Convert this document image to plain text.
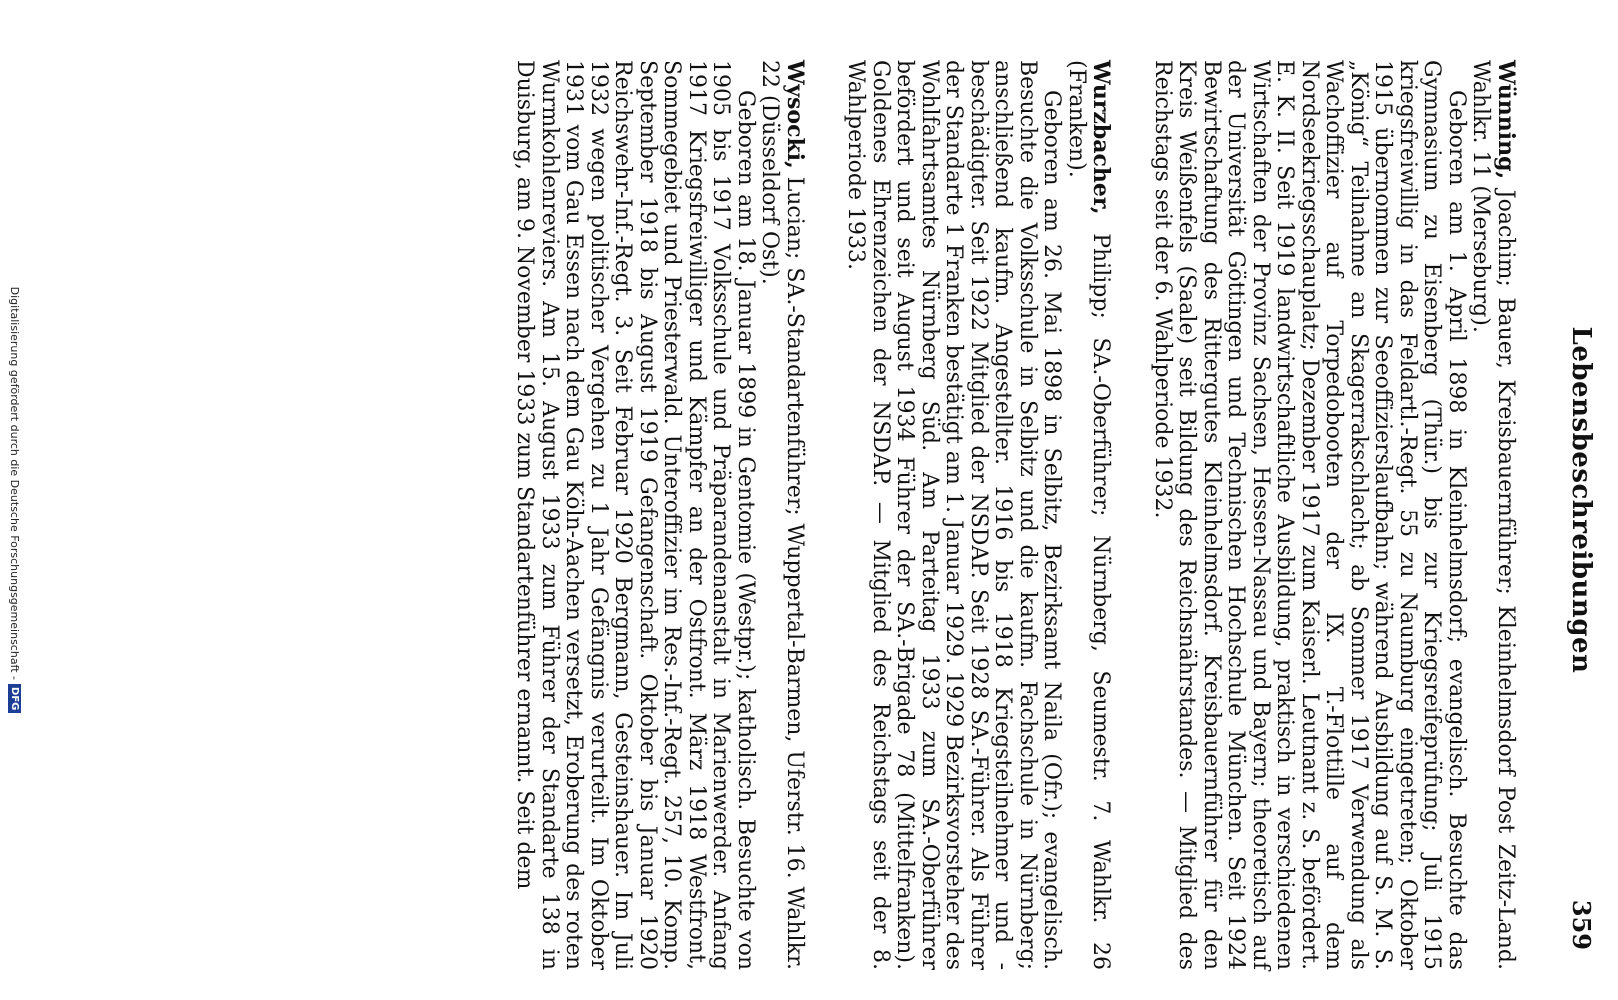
Lebensbeschreibungen
359

Wünning, Joachim; Bauer, Kreisbauernführer; Kleinhelmsdorf Post Zeitz-Land. Wahlkr. 11 (Merseburg).

Geboren am 1. April 1898 in Kleinhelmsdorf; evangelisch. Besuchte das Gymnasium zu Eisenberg (Thür.) bis zur Kriegsreifeprüfung; Juli 1915 kriegsfreiwillig in das Feldartl.-Regt. 55 zu Naumburg eingetreten; Oktober 1915 übernommen zur Seeoffizierslaufbahn; während Ausbildung auf S. M. S. „König“ Teilnahme an Skagerrakschlacht; ab Sommer 1917 Verwendung als Wachoffizier auf Torpedobooten der IX. T.-Flottille auf dem Nordseekriegsschauplatz; Dezember 1917 zum Kaiserl. Leutnant z. S. befördert. E. K. II. Seit 1919 landwirtschaftliche Ausbildung, praktisch in verschiedenen Wirtschaften der Provinz Sachsen, Hessen-Nassau und Bayern; theoretisch auf der Universität Göttingen und Technischen Hochschule München. Seit 1924 Bewirtschaftung des Rittergutes Kleinhelmsdorf. Kreisbauernführer für den Kreis Weißenfels (Saale) seit Bildung des Reichsnährstandes. — Mitglied des Reichstags seit der 6. Wahlperiode 1932.

Wurzbacher, Philipp; SA.-Oberführer; Nürnberg, Seumestr. 7. Wahlkr. 26 (Franken).

Geboren am 26. Mai 1898 in Selbitz, Bezirksamt Naila (Ofr.); evangelisch. Besuchte die Volksschule in Selbitz und die kaufm. Fachschule in Nürnberg; anschließend kaufm. Angestellter. 1916 bis 1918 Kriegsteilnehmer und -beschädigter. Seit 1922 Mitglied der NSDAP. Seit 1928 SA.-Führer. Als Führer der Standarte 1 Franken bestätigt am 1. Januar 1929. 1929 Bezirksvorsteher des Wohlfahrtsamtes Nürnberg Süd. Am Parteitag 1933 zum SA.-Oberführer befördert und seit August 1934 Führer der SA.-Brigade 78 (Mittelfranken). Goldenes Ehrenzeichen der NSDAP. — Mitglied des Reichstags seit der 8. Wahlperiode 1933.

Wysocki, Lucian; SA.-Standartenführer; Wuppertal-Barmen, Uferstr. 16. Wahlkr. 22 (Düsseldorf Ost).

Geboren am 18. Januar 1899 in Gentomie (Westpr.); katholisch. Besuchte von 1905 bis 1917 Volksschule und Präparandenanstalt in Marienwerder. Anfang 1917 Kriegsfreiwilliger und Kämpfer an der Ostfront. März 1918 Westfront, Sommegebiet und Priesterwald. Unteroffizier im Res.-Inf.-Regt. 257, 10. Komp. September 1918 bis August 1919 Gefangenschaft. Oktober bis Januar 1920 Reichswehr-Inf.-Regt. 3. Seit Februar 1920 Bergmann, Gesteinshauer. Im Juli 1932 wegen politischer Vergehen zu 1 Jahr Gefängnis verurteilt. Im Oktober 1931 vom Gau Essen nach dem Gau Köln-Aachen versetzt, Eroberung des roten Wurmkohlenreviers. Am 15. August 1933 zum Führer der Standarte 138 in Duisburg, am 9. November 1933 zum Standartenführer ernannt. Seit dem

Digitalisierung gefördert durch die Deutsche Forschungsgemeinschaft -DFG
